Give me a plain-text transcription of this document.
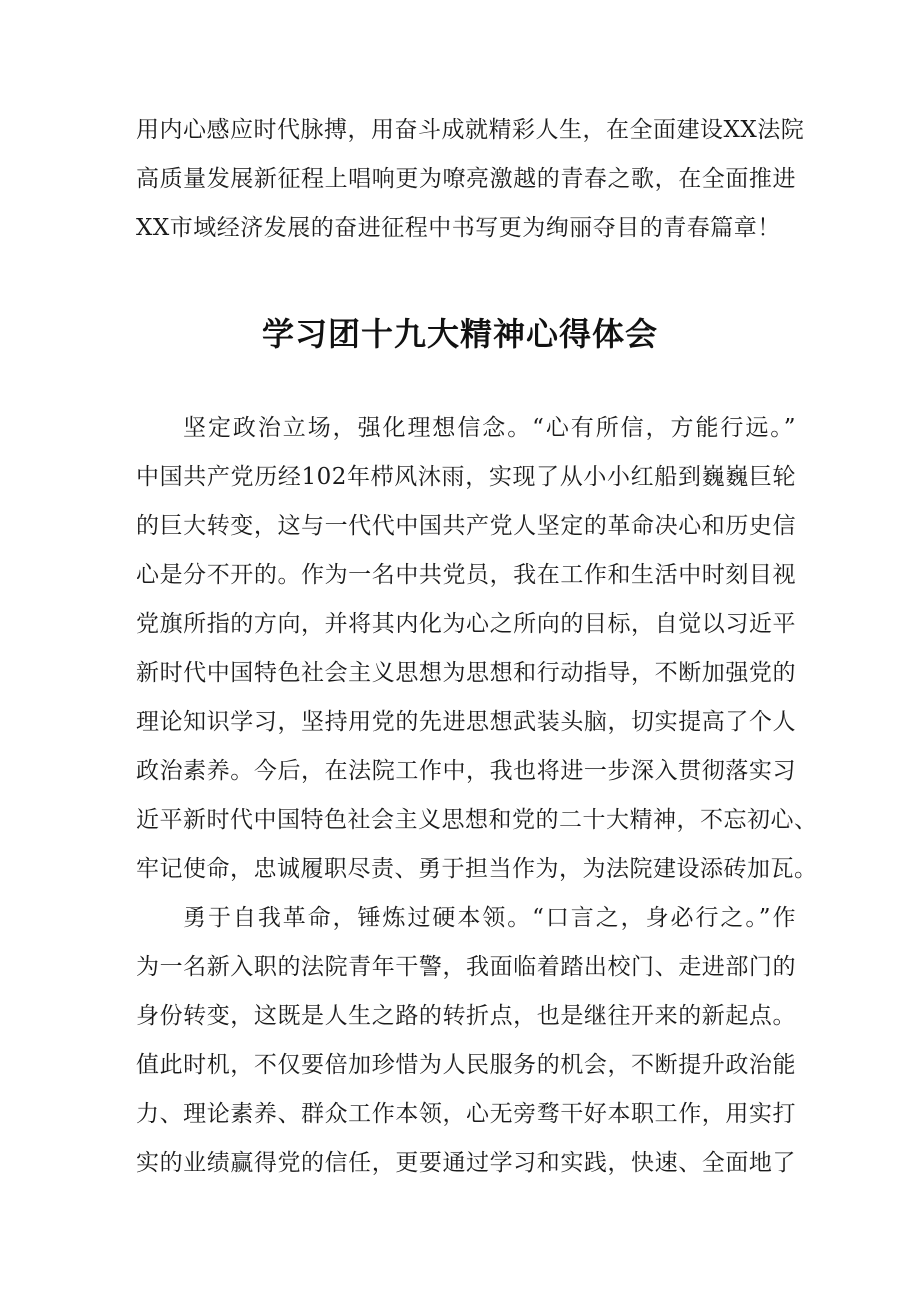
用内心感应时代脉搏，用奋斗成就精彩人生，在全面建设XX法院

高质量发展新征程上唱响更为嘹亮激越的青春之歌，在全面推进

XX市域经济发展的奋进征程中书写更为绚丽夺目的青春篇章！

学习团十九大精神心得体会

坚定政治立场，强化理想信念。“心有所信，方能行远。”

中国共产党历经102年栉风沐雨，实现了从小小红船到巍巍巨轮

的巨大转变，这与一代代中国共产党人坚定的革命决心和历史信

心是分不开的。作为一名中共党员，我在工作和生活中时刻目视

党旗所指的方向，并将其内化为心之所向的目标，自觉以习近平

新时代中国特色社会主义思想为思想和行动指导，不断加强党的

理论知识学习，坚持用党的先进思想武装头脑，切实提高了个人

政治素养。今后，在法院工作中，我也将进一步深入贯彻落实习

近平新时代中国特色社会主义思想和党的二十大精神，不忘初心、

牢记使命，忠诚履职尽责、勇于担当作为，为法院建设添砖加瓦。

勇于自我革命，锤炼过硬本领。“口言之，身必行之。”作

为一名新入职的法院青年干警，我面临着踏出校门、走进部门的

身份转变，这既是人生之路的转折点，也是继往开来的新起点。

值此时机，不仅要倍加珍惜为人民服务的机会，不断提升政治能

力、理论素养、群众工作本领，心无旁骛干好本职工作，用实打

实的业绩赢得党的信任，更要通过学习和实践，快速、全面地了
